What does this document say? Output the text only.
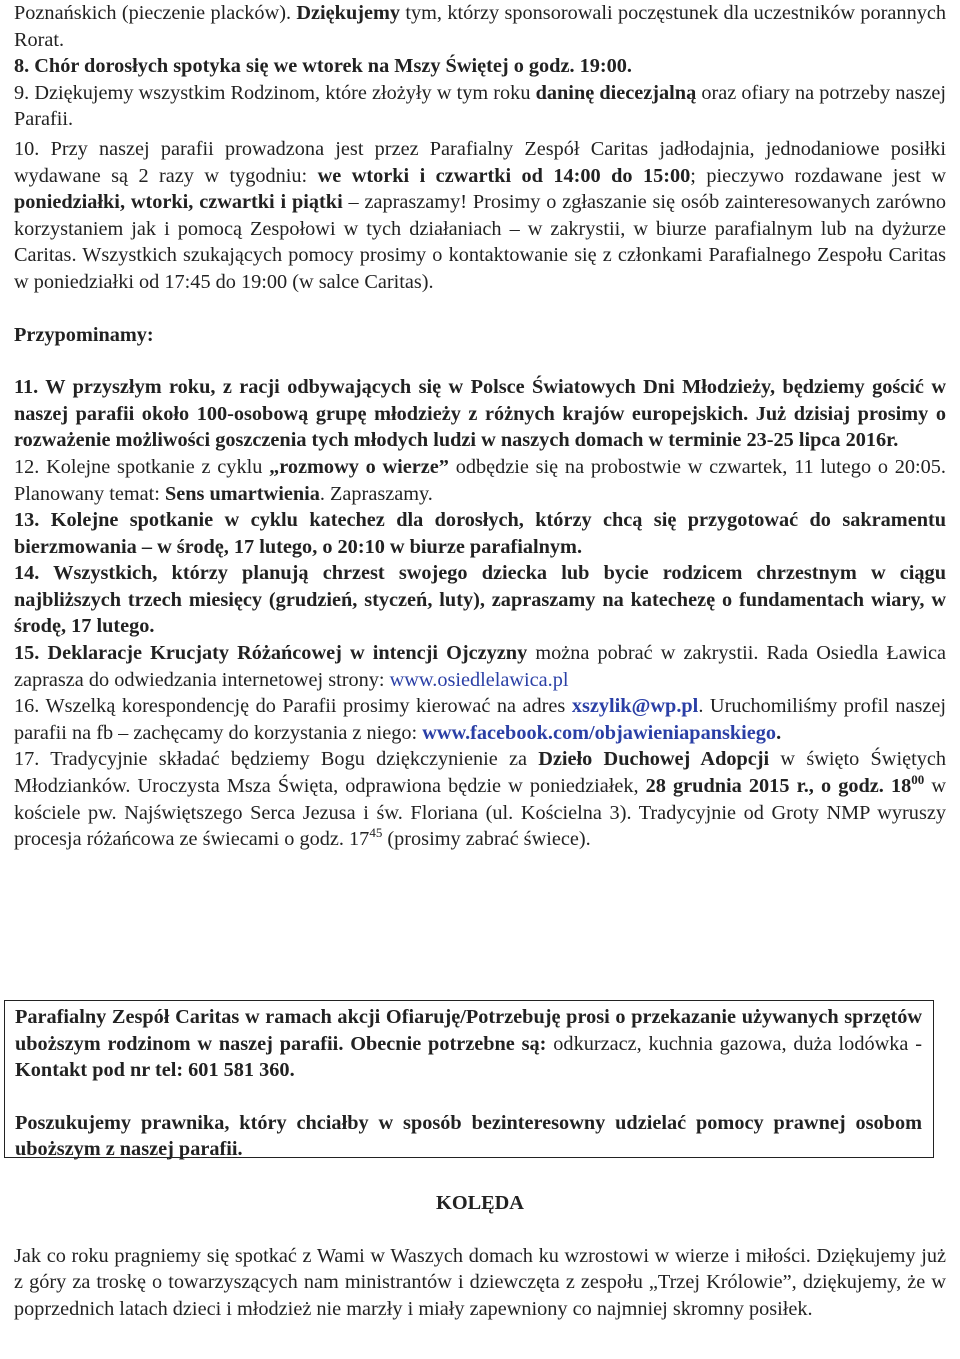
Poznańskich (pieczenie placków). Dziękujemy tym, którzy sponsorowali poczęstunek dla uczestników porannych Rorat.

8. Chór dorosłych spotyka się we wtorek na Mszy Świętej o godz. 19:00.

9. Dziękujemy wszystkim Rodzinom, które złożyły w tym roku daninę diecezjalną oraz ofiary na potrzeby naszej Parafii.

10. Przy naszej parafii prowadzona jest przez Parafialny Zespół Caritas jadłodajnia, jednodaniowe posiłki wydawane są 2 razy w tygodniu: we wtorki i czwartki od 14:00 do 15:00; pieczywo rozdawane jest w poniedziałki, wtorki, czwartki i piątki – zapraszamy! Prosimy o zgłaszanie się osób zainteresowanych zarówno korzystaniem jak i pomocą Zespołowi w tych działaniach – w zakrystii, w biurze parafialnym lub na dyżurze Caritas. Wszystkich szukających pomocy prosimy o kontaktowanie się z członkami Parafialnego Zespołu Caritas w poniedziałki od 17:45 do 19:00 (w salce Caritas).

Przypominamy:

11. W przyszłym roku, z racji odbywających się w Polsce Światowych Dni Młodzieży, będziemy gościć w naszej parafii około 100-osobową grupę młodzieży z różnych krajów europejskich. Już dzisiaj prosimy o rozważenie możliwości goszczenia tych młodych ludzi w naszych domach w terminie 23-25 lipca 2016r.

12. Kolejne spotkanie z cyklu „rozmowy o wierze” odbędzie się na probostwie w czwartek, 11 lutego o 20:05. Planowany temat: Sens umartwienia. Zapraszamy.

13. Kolejne spotkanie w cyklu katechez dla dorosłych, którzy chcą się przygotować do sakramentu bierzmowania – w środę, 17 lutego, o 20:10 w biurze parafialnym.

14. Wszystkich, którzy planują chrzest swojego dziecka lub bycie rodzicem chrzestnym w ciągu najbliższych trzech miesięcy (grudzień, styczeń, luty), zapraszamy na katechezę o fundamentach wiary, w środę, 17 lutego.

15. Deklaracje Krucjaty Różańcowej w intencji Ojczyzny można pobrać w zakrystii. Rada Osiedla Ławica zaprasza do odwiedzania internetowej strony: www.osiedlelawica.pl

16. Wszelką korespondencję do Parafii prosimy kierować na adres xszylik@wp.pl. Uruchomiliśmy profil naszej parafii na fb – zachęcamy do korzystania z niego: www.facebook.com/objawieniapanskiego.

17. Tradycyjnie składać będziemy Bogu dziękczynienie za Dzieło Duchowej Adopcji w święto Świętych Młodzianków. Uroczysta Msza Święta, odprawiona będzie w poniedziałek, 28 grudnia 2015 r., o godz. $18^{00}$ w kościele pw. Najświętszego Serca Jezusa i św. Floriana (ul. Kościelna 3). Tradycyjnie od Groty NMP wyruszy procesja różańcowa ze świecami o godz. $17^{45}$ (prosimy zabrać świece).

Parafialny Zespół Caritas w ramach akcji Ofiaruję/Potrzebuję prosi o przekazanie używanych sprzętów uboższym rodzinom w naszej parafii. Obecnie potrzebne są: odkurzacz, kuchnia gazowa, duża lodówka - Kontakt pod nr tel: 601 581 360.

Poszukujemy prawnika, który chciałby w sposób bezinteresowny udzielać pomocy prawnej osobom uboższym z naszej parafii.

KOLĘDA

Jak co roku pragniemy się spotkać z Wami w Waszych domach ku wzrostowi w wierze i miłości. Dziękujemy już z góry za troskę o towarzyszących nam ministrantów i dziewczęta z zespołu „Trzej Królowie”, dziękujemy, że w poprzednich latach dzieci i młodzież nie marzły i miały zapewniony co najmniej skromny posiłek.
